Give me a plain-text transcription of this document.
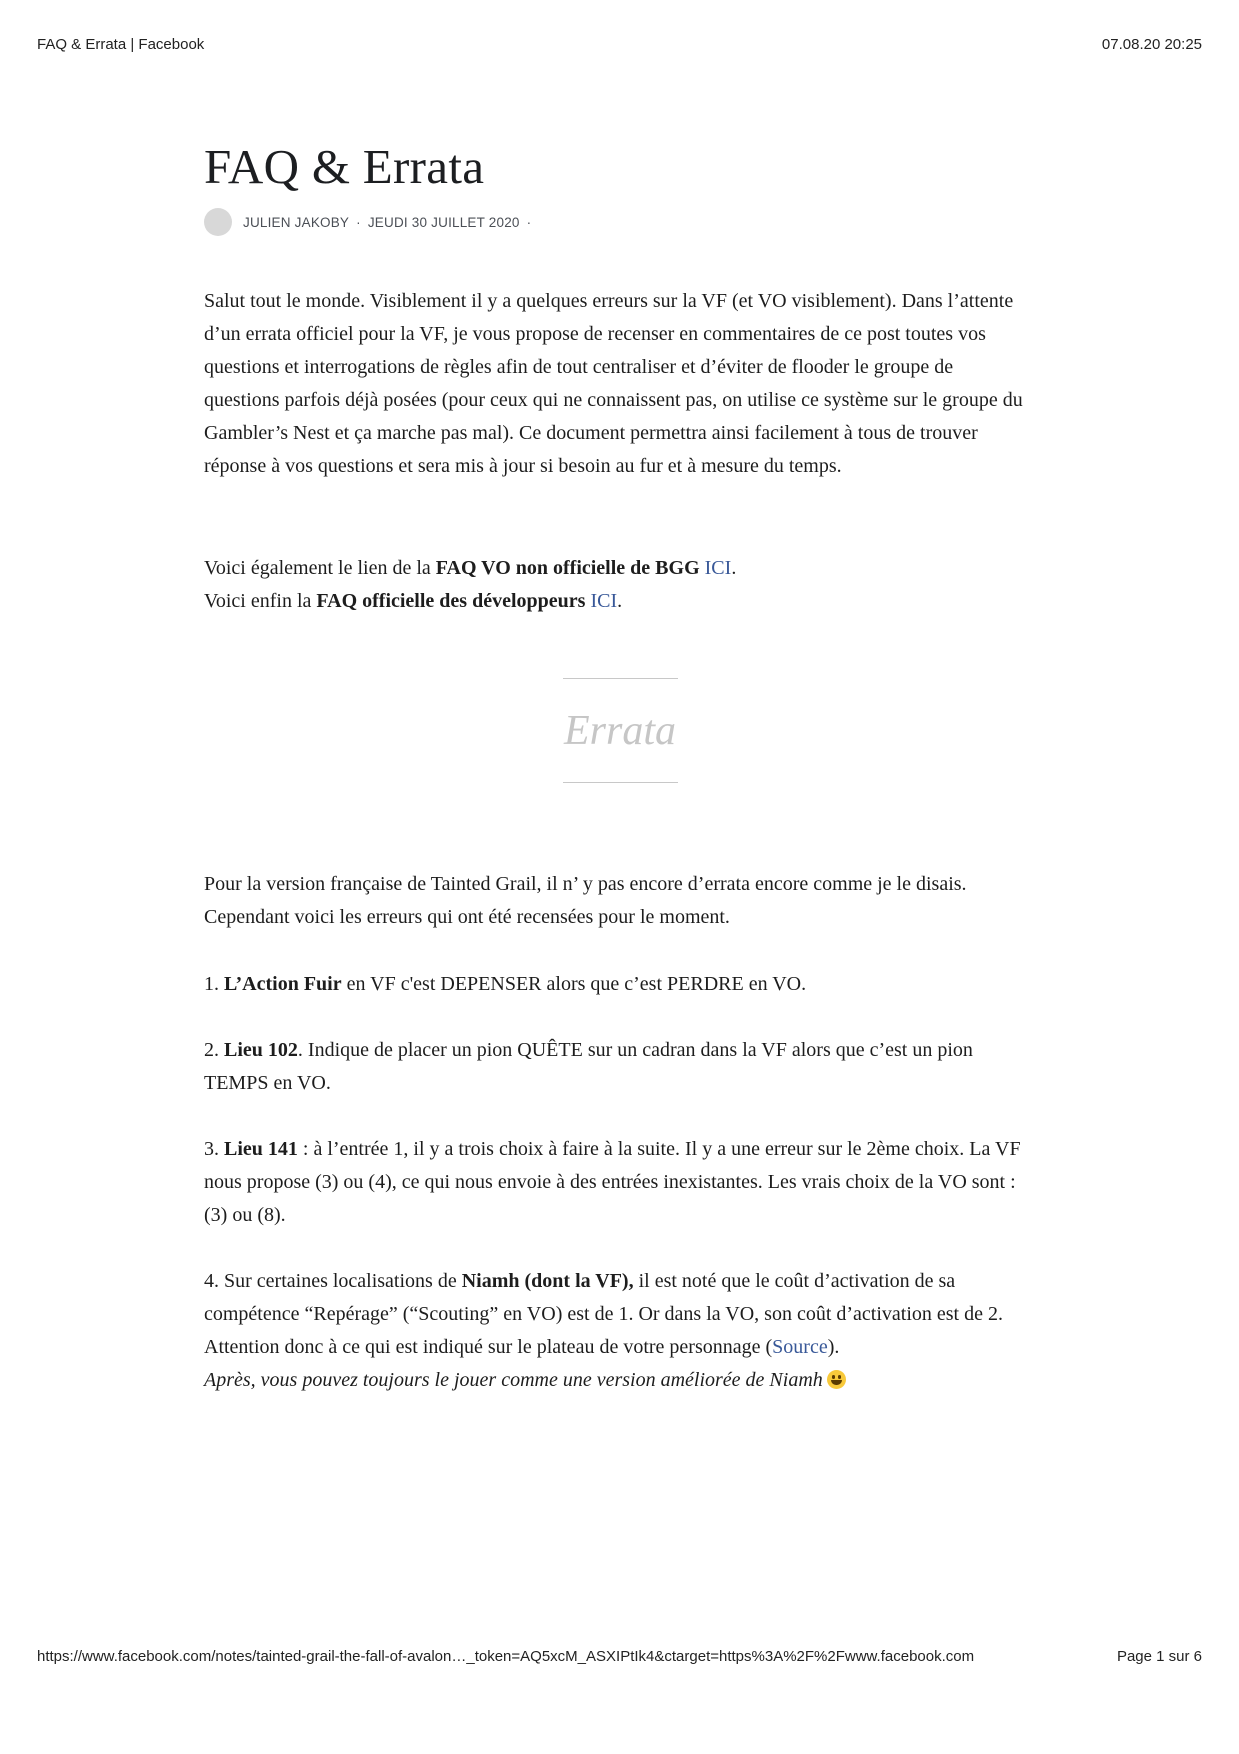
FAQ & Errata | Facebook	07.08.20 20:25
FAQ & Errata
JULIEN JAKOBY · JEUDI 30 JUILLET 2020 ·

Salut tout le monde. Visiblement il y a quelques erreurs sur la VF (et VO visiblement). Dans l’attente d’un errata officiel pour la VF, je vous propose de recenser en commentaires de ce post toutes vos questions et interrogations de règles afin de tout centraliser et d’éviter de flooder le groupe de questions parfois déjà posées (pour ceux qui ne connaissent pas, on utilise ce système sur le groupe du Gambler’s Nest et ça marche pas mal). Ce document permettra ainsi facilement à tous de trouver réponse à vos questions et sera mis à jour si besoin au fur et à mesure du temps.

Voici également le lien de la FAQ VO non officielle de BGG ICI.
Voici enfin la FAQ officielle des développeurs ICI.

Errata

Pour la version française de Tainted Grail, il n’ y pas encore d’errata encore comme je le disais. Cependant voici les erreurs qui ont été recensées pour le moment.

1. L’Action Fuir en VF c'est DEPENSER alors que c’est PERDRE en VO.

2. Lieu 102. Indique de placer un pion QUÊTE sur un cadran dans la VF alors que c’est un pion TEMPS en VO.

3. Lieu 141 : à l’entrée 1, il y a trois choix à faire à la suite. Il y a une erreur sur le 2ème choix. La VF nous propose (3) ou (4), ce qui nous envoie à des entrées inexistantes. Les vrais choix de la VO sont : (3) ou (8).

4. Sur certaines localisations de Niamh (dont la VF), il est noté que le coût d’activation de sa compétence “Repérage” (“Scouting” en VO) est de 1. Or dans la VO, son coût d’activation est de 2. Attention donc à ce qui est indiqué sur le plateau de votre personnage (Source).
Après, vous pouvez toujours le jouer comme une version améliorée de Niamh

https://www.facebook.com/notes/tainted-grail-the-fall-of-avalon…_token=AQ5xcM_ASXIPtIk4&ctarget=https%3A%2F%2Fwww.facebook.com	Page 1 sur 6
